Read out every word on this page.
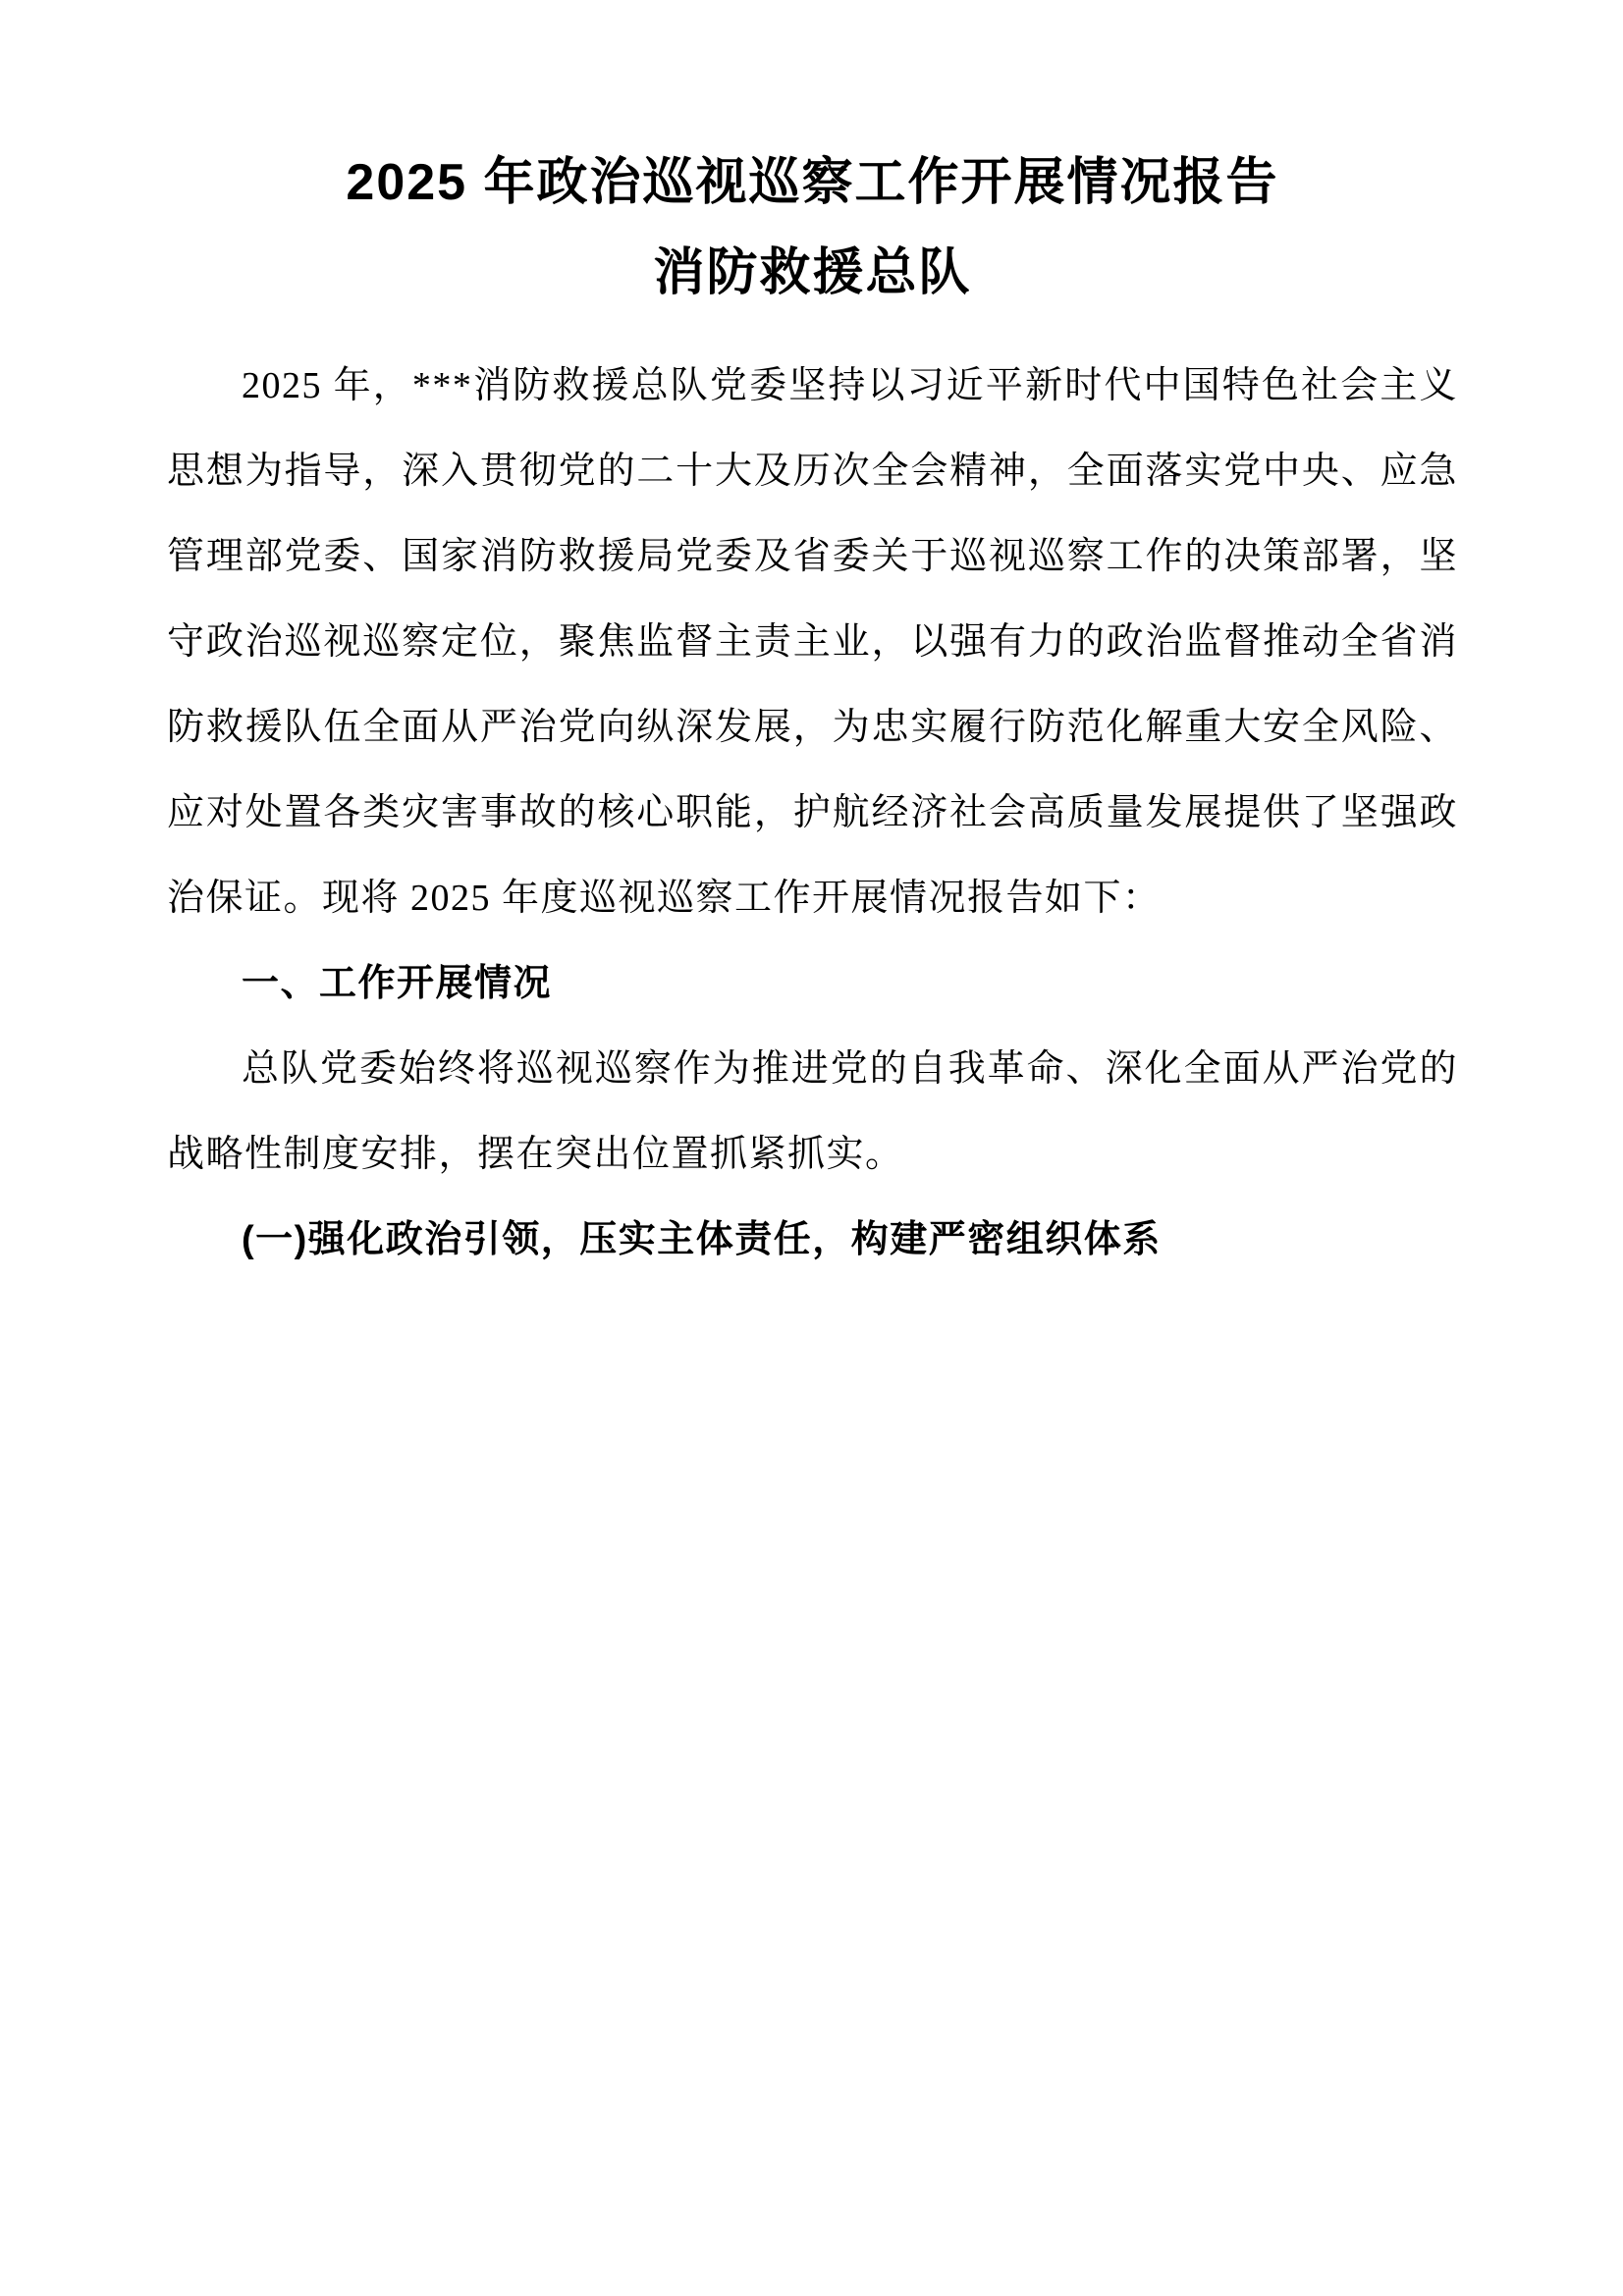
2025 年政治巡视巡察工作开展情况报告
消防救援总队

2025 年，***消防救援总队党委坚持以习近平新时代中国特色社会主义思想为指导，深入贯彻党的二十大及历次全会精神，全面落实党中央、应急管理部党委、国家消防救援局党委及省委关于巡视巡察工作的决策部署，坚守政治巡视巡察定位，聚焦监督主责主业，以强有力的政治监督推动全省消防救援队伍全面从严治党向纵深发展，为忠实履行防范化解重大安全风险、应对处置各类灾害事故的核心职能，护航经济社会高质量发展提供了坚强政治保证。现将 2025 年度巡视巡察工作开展情况报告如下：

一、工作开展情况

总队党委始终将巡视巡察作为推进党的自我革命、深化全面从严治党的战略性制度安排，摆在突出位置抓紧抓实。

(一)强化政治引领，压实主体责任，构建严密组织体系
